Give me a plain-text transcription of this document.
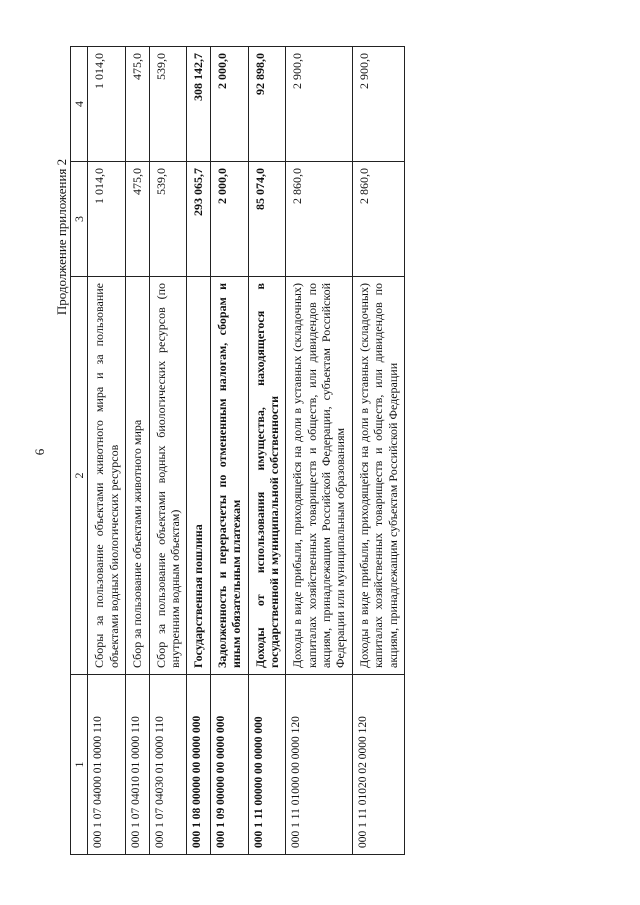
6
Продолжение приложения 2
1	2	3	4
000 1 07 04000 01 0000 110	Сборы за пользование объектами животного мира и за пользование объектами водных биологических ресурсов	1 014,0	1 014,0
000 1 07 04010 01 0000 110	Сбор за пользование объектами животного мира	475,0	475,0
000 1 07 04030 01 0000 110	Сбор за пользование объектами водных биологических ресурсов (по внутренним водным объектам)	539,0	539,0
000 1 08 00000 00 0000 000	Государственная пошлина	293 065,7	308 142,7
000 1 09 00000 00 0000 000	Задолженность и перерасчеты по отмененным налогам, сборам и иным обязательным платежам	2 000,0	2 000,0
000 1 11 00000 00 0000 000	Доходы от использования имущества, находящегося в государственной и муниципальной собственности	85 074,0	92 898,0
000 1 11 01000 00 0000 120	Доходы в виде прибыли, приходящейся на доли в уставных (складочных) капиталах хозяйственных товариществ и обществ, или дивидендов по акциям, принадлежащим Российской Федерации, субъектам Российской Федерации или муниципальным образованиям	2 860,0	2 900,0
000 1 11 01020 02 0000 120	Доходы в виде прибыли, приходящейся на доли в уставных (складочных) капиталах хозяйственных товариществ и обществ, или дивидендов по акциям, принадлежащим субъектам Российской Федерации	2 860,0	2 900,0
